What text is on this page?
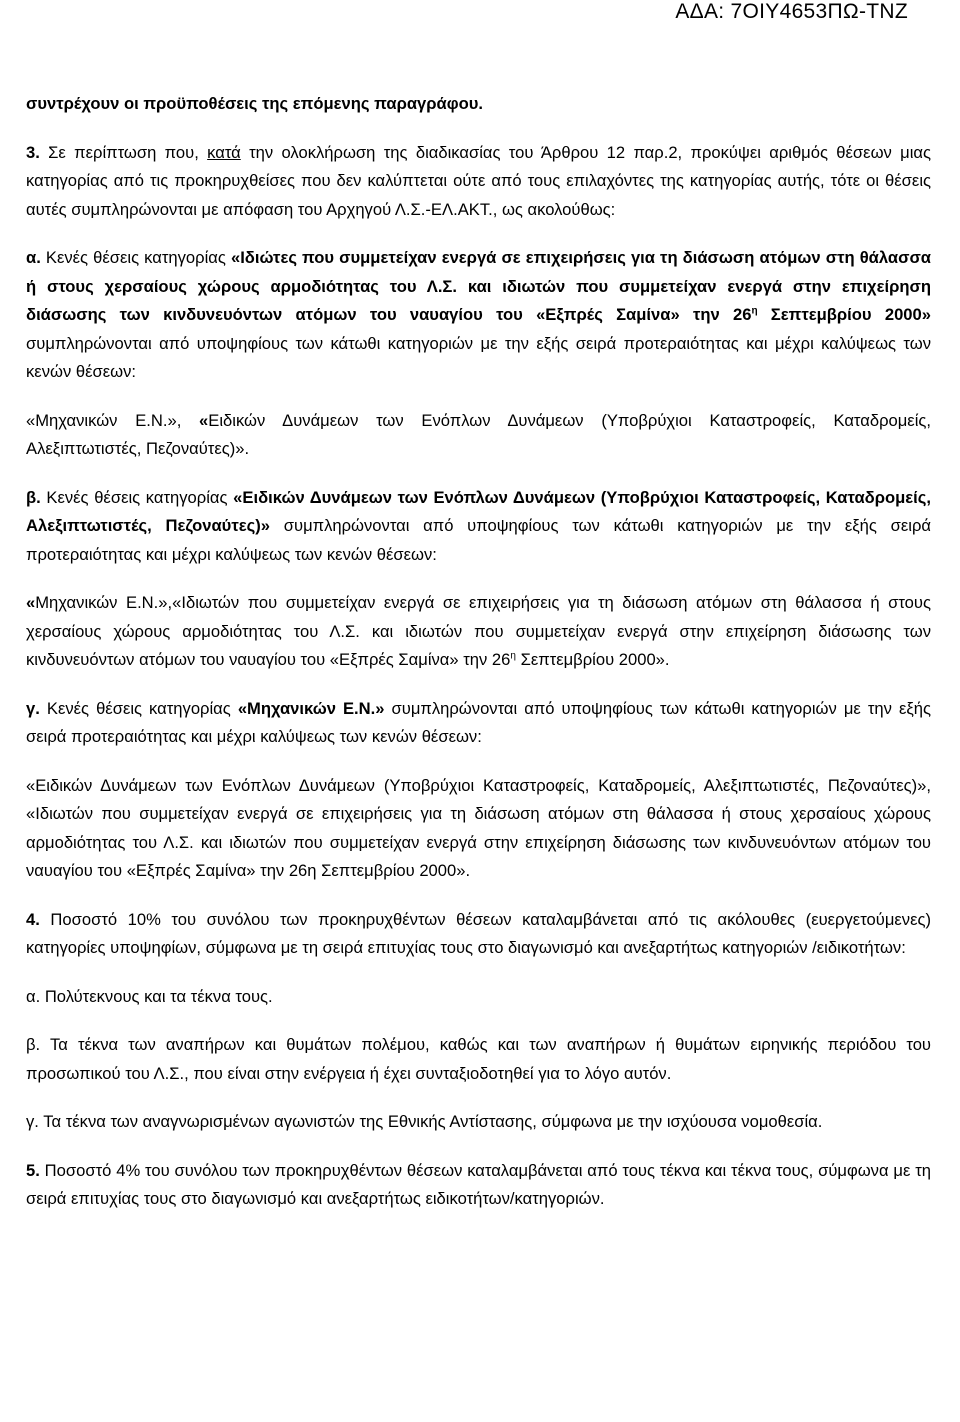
ΑΔΑ: 7ΟΙΥ4653ΠΩ-ΤΝΖ

συντρέχουν οι προϋποθέσεις της επόμενης παραγράφου.

3. Σε περίπτωση που, κατά την ολοκλήρωση της διαδικασίας του Άρθρου 12 παρ.2, προκύψει αριθμός θέσεων μιας κατηγορίας από τις προκηρυχθείσες που δεν καλύπτεται ούτε από τους επιλαχόντες της κατηγορίας αυτής, τότε οι θέσεις αυτές συμπληρώνονται με απόφαση του Αρχηγού Λ.Σ.-ΕΛ.ΑΚΤ., ως ακολούθως:

α. Κενές θέσεις κατηγορίας «Ιδιώτες που συμμετείχαν ενεργά σε επιχειρήσεις για τη διάσωση ατόμων στη θάλασσα ή στους χερσαίους χώρους αρμοδιότητας του Λ.Σ. και ιδιωτών που συμμετείχαν ενεργά στην επιχείρηση διάσωσης των κινδυνευόντων ατόμων του ναυαγίου του «Εξπρές Σαμίνα» την $26^\eta$ Σεπτεμβρίου 2000» συμπληρώνονται από υποψηφίους των κάτωθι κατηγοριών με την εξής σειρά προτεραιότητας και μέχρι καλύψεως των κενών θέσεων:

«Μηχανικών Ε.Ν.», «Ειδικών Δυνάμεων των Ενόπλων Δυνάμεων (Υποβρύχιοι Καταστροφείς, Καταδρομείς, Αλεξιπτωτιστές, Πεζοναύτες)».

β. Κενές θέσεις κατηγορίας «Ειδικών Δυνάμεων των Ενόπλων Δυνάμεων (Υποβρύχιοι Καταστροφείς, Καταδρομείς, Αλεξιπτωτιστές, Πεζοναύτες)» συμπληρώνονται από υποψηφίους των κάτωθι κατηγοριών με την εξής σειρά προτεραιότητας και μέχρι καλύψεως των κενών θέσεων:

«Μηχανικών Ε.Ν.»,«Ιδιωτών που συμμετείχαν ενεργά σε επιχειρήσεις για τη διάσωση ατόμων στη θάλασσα ή στους χερσαίους χώρους αρμοδιότητας του Λ.Σ. και ιδιωτών που συμμετείχαν ενεργά στην επιχείρηση διάσωσης των κινδυνευόντων ατόμων του ναυαγίου του «Εξπρές Σαμίνα» την $26^\eta$ Σεπτεμβρίου 2000».

γ. Κενές θέσεις κατηγορίας «Μηχανικών Ε.Ν.» συμπληρώνονται από υποψηφίους των κάτωθι κατηγοριών με την εξής σειρά προτεραιότητας και μέχρι καλύψεως των κενών θέσεων:

«Ειδικών Δυνάμεων των Ενόπλων Δυνάμεων (Υποβρύχιοι Καταστροφείς, Καταδρομείς, Αλεξιπτωτιστές, Πεζοναύτες)», «Ιδιωτών που συμμετείχαν ενεργά σε επιχειρήσεις για τη διάσωση ατόμων στη θάλασσα ή στους χερσαίους χώρους αρμοδιότητας του Λ.Σ. και ιδιωτών που συμμετείχαν ενεργά στην επιχείρηση διάσωσης των κινδυνευόντων ατόμων του ναυαγίου του «Εξπρές Σαμίνα» την 26η Σεπτεμβρίου 2000».

4. Ποσοστό 10% του συνόλου των προκηρυχθέντων θέσεων καταλαμβάνεται από τις ακόλουθες (ευεργετούμενες) κατηγορίες υποψηφίων, σύμφωνα με τη σειρά επιτυχίας τους στο διαγωνισμό και ανεξαρτήτως κατηγοριών /ειδικοτήτων:

α. Πολύτεκνους και τα τέκνα τους.

β. Τα τέκνα των αναπήρων και θυμάτων πολέμου, καθώς και των αναπήρων ή θυμάτων ειρηνικής περιόδου του προσωπικού του Λ.Σ., που είναι στην ενέργεια ή έχει συνταξιοδοτηθεί για το λόγο αυτόν.

γ. Τα τέκνα των αναγνωρισμένων αγωνιστών της Εθνικής Αντίστασης, σύμφωνα με την ισχύουσα νομοθεσία.

5. Ποσοστό 4% του συνόλου των προκηρυχθέντων θέσεων καταλαμβάνεται από τους τέκνα και τέκνα τους, σύμφωνα με τη σειρά επιτυχίας τους στο διαγωνισμό και ανεξαρτήτως ειδικοτήτων/κατηγοριών.
